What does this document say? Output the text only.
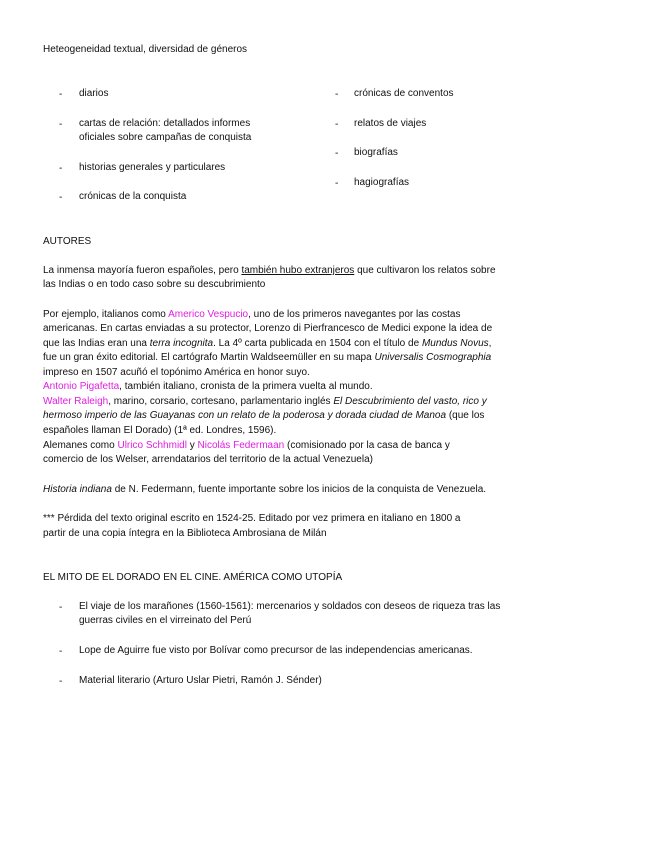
Heteogeneidad textual, diversidad de géneros
- diarios
- cartas de relación: detallados informes
oficiales sobre campañas de conquista
- historias generales y particulares
- crónicas de la conquista
- crónicas de conventos
- relatos de viajes
- biografías
- hagiografías
AUTORES
La inmensa mayoría fueron españoles, pero también hubo extranjeros que cultivaron los relatos sobre
las Indias o en todo caso sobre su descubrimiento
Por ejemplo, italianos como Americo Vespucio, uno de los primeros navegantes por las costas
americanas. En cartas enviadas a su protector, Lorenzo di Pierfrancesco de Medici expone la idea de
que las Indias eran una terra incognita. La 4º carta publicada en 1504 con el título de Mundus Novus,
fue un gran éxito editorial. El cartógrafo Martin Waldseemüller en su mapa Universalis Cosmographia
impreso en 1507 acuñó el topónimo América en honor suyo.
Antonio Pigafetta, también italiano, cronista de la primera vuelta al mundo.
Walter Raleigh, marino, corsario, cortesano, parlamentario inglés El Descubrimiento del vasto, rico y
hermoso imperio de las Guayanas con un relato de la poderosa y dorada ciudad de Manoa (que los
españoles llaman El Dorado) (1ª ed. Londres, 1596).
Alemanes como Ulrico Schhmidl y Nicolás Federmaan (comisionado por la casa de banca y
comercio de los Welser, arrendatarios del territorio de la actual Venezuela)
Historia indiana de N. Federmann, fuente importante sobre los inicios de la conquista de Venezuela.
*** Pérdida del texto original escrito en 1524-25. Editado por vez primera en italiano en 1800 a
partir de una copia íntegra en la Biblioteca Ambrosiana de Milán
EL MITO DE EL DORADO EN EL CINE. AMÉRICA COMO UTOPÍA
- El viaje de los marañones (1560-1561): mercenarios y soldados con deseos de riqueza tras las
guerras civiles en el virreinato del Perú
- Lope de Aguirre fue visto por Bolívar como precursor de las independencias americanas.
- Material literario (Arturo Uslar Pietri, Ramón J. Sénder)
